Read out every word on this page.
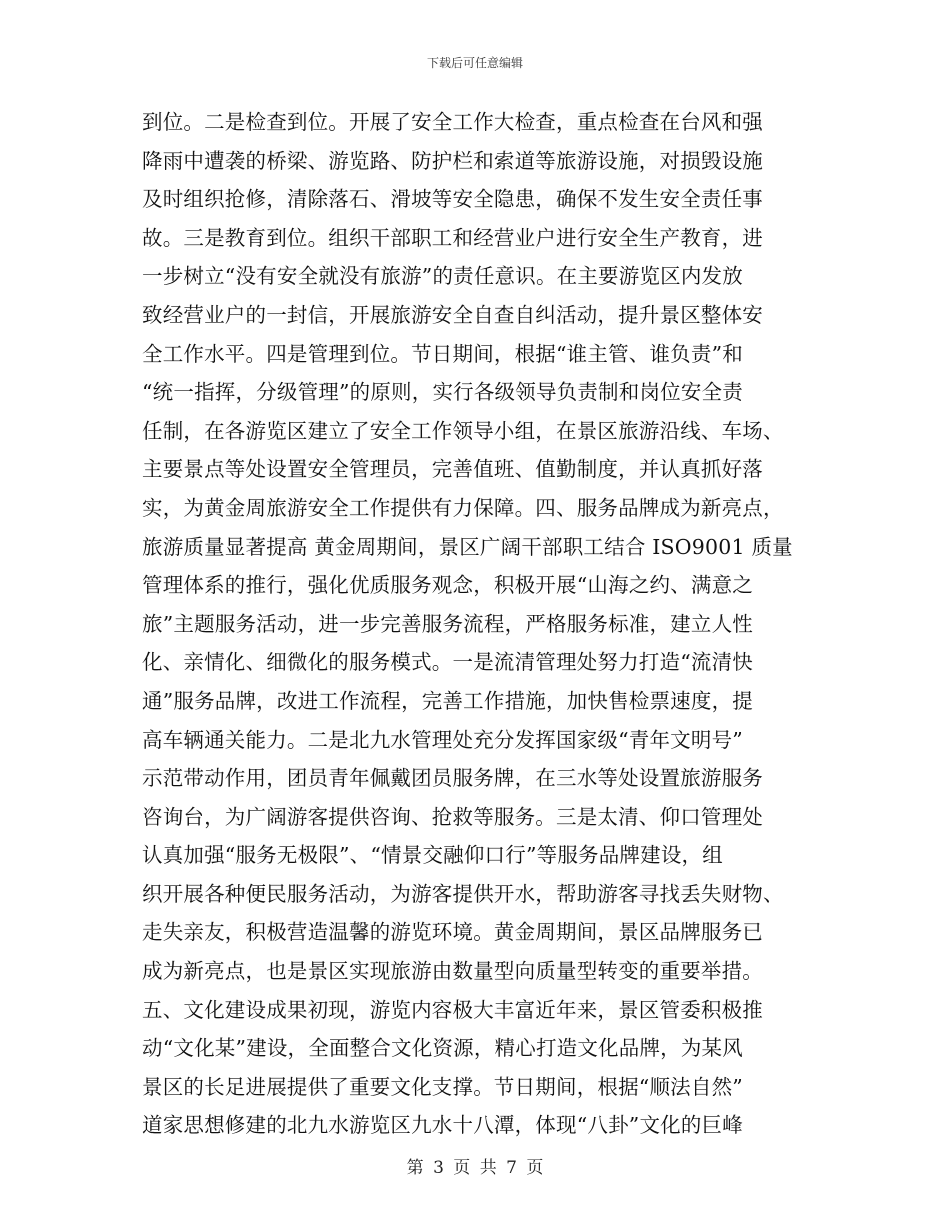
下载后可任意编辑
到位。二是检查到位。开展了安全工作大检查，重点检查在台风和强
降雨中遭袭的桥梁、游览路、防护栏和索道等旅游设施，对损毁设施
及时组织抢修，清除落石、滑坡等安全隐患，确保不发生安全责任事
故。三是教育到位。组织干部职工和经营业户进行安全生产教育，进
一步树立“没有安全就没有旅游”的责任意识。在主要游览区内发放
致经营业户的一封信，开展旅游安全自查自纠活动，提升景区整体安
全工作水平。四是管理到位。节日期间，根据“谁主管、谁负责”和
“统一指挥，分级管理”的原则，实行各级领导负责制和岗位安全责
任制，在各游览区建立了安全工作领导小组，在景区旅游沿线、车场、
主要景点等处设置安全管理员，完善值班、值勤制度，并认真抓好落
实，为黄金周旅游安全工作提供有力保障。四、服务品牌成为新亮点，
旅游质量显著提高 黄金周期间，景区广阔干部职工结合 ISO9001 质量
管理体系的推行，强化优质服务观念，积极开展“山海之约、满意之
旅”主题服务活动，进一步完善服务流程，严格服务标准，建立人性
化、亲情化、细微化的服务模式。一是流清管理处努力打造“流清快
通”服务品牌，改进工作流程，完善工作措施，加快售检票速度，提
高车辆通关能力。二是北九水管理处充分发挥国家级“青年文明号”
示范带动作用，团员青年佩戴团员服务牌，在三水等处设置旅游服务
咨询台，为广阔游客提供咨询、抢救等服务。三是太清、仰口管理处
认真加强“服务无极限”、“情景交融仰口行”等服务品牌建设，组
织开展各种便民服务活动，为游客提供开水，帮助游客寻找丢失财物、
走失亲友，积极营造温馨的游览环境。黄金周期间，景区品牌服务已
成为新亮点，也是景区实现旅游由数量型向质量型转变的重要举措。
五、文化建设成果初现，游览内容极大丰富近年来，景区管委积极推
动“文化某”建设，全面整合文化资源，精心打造文化品牌，为某风
景区的长足进展提供了重要文化支撑。节日期间，根据“顺法自然”
道家思想修建的北九水游览区九水十八潭，体现“八卦”文化的巨峰
第 3 页 共 7 页
